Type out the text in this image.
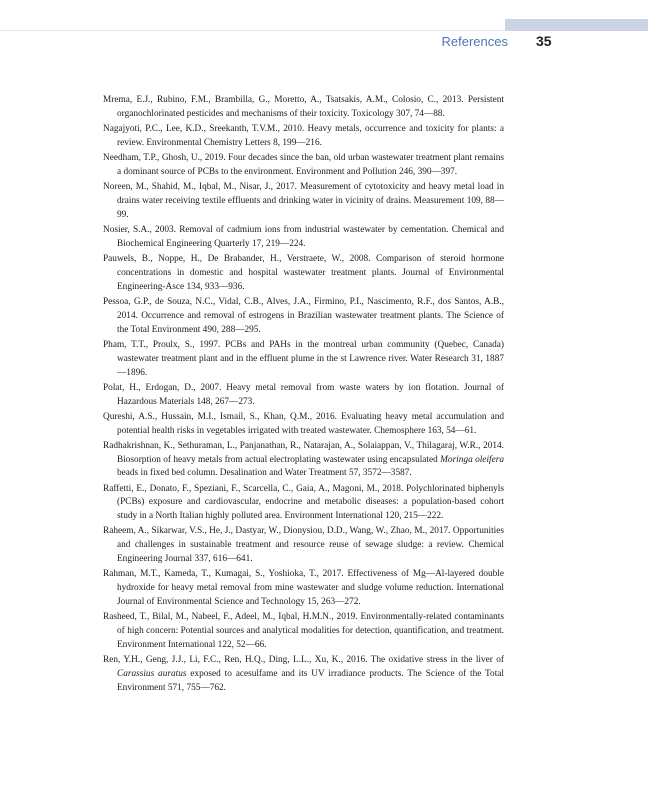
References 35
Mrema, E.J., Rubino, F.M., Brambilla, G., Moretto, A., Tsatsakis, A.M., Colosio, C., 2013. Persistent organochlorinated pesticides and mechanisms of their toxicity. Toxicology 307, 74—88.
Nagajyoti, P.C., Lee, K.D., Sreekanth, T.V.M., 2010. Heavy metals, occurrence and toxicity for plants: a review. Environmental Chemistry Letters 8, 199—216.
Needham, T.P., Ghosh, U., 2019. Four decades since the ban, old urban wastewater treatment plant remains a dominant source of PCBs to the environment. Environment and Pollution 246, 390—397.
Noreen, M., Shahid, M., Iqbal, M., Nisar, J., 2017. Measurement of cytotoxicity and heavy metal load in drains water receiving textile effluents and drinking water in vicinity of drains. Measurement 109, 88—99.
Nosier, S.A., 2003. Removal of cadmium ions from industrial wastewater by cementation. Chemical and Biochemical Engineering Quarterly 17, 219—224.
Pauwels, B., Noppe, H., De Brabander, H., Verstraete, W., 2008. Comparison of steroid hormone concentrations in domestic and hospital wastewater treatment plants. Journal of Environmental Engineering-Asce 134, 933—936.
Pessoa, G.P., de Souza, N.C., Vidal, C.B., Alves, J.A., Firmino, P.I., Nascimento, R.F., dos Santos, A.B., 2014. Occurrence and removal of estrogens in Brazilian wastewater treatment plants. The Science of the Total Environment 490, 288—295.
Pham, T.T., Proulx, S., 1997. PCBs and PAHs in the montreal urban community (Quebec, Canada) wastewater treatment plant and in the effluent plume in the st Lawrence river. Water Research 31, 1887—1896.
Polat, H., Erdogan, D., 2007. Heavy metal removal from waste waters by ion flotation. Journal of Hazardous Materials 148, 267—273.
Qureshi, A.S., Hussain, M.I., Ismail, S., Khan, Q.M., 2016. Evaluating heavy metal accumulation and potential health risks in vegetables irrigated with treated wastewater. Chemosphere 163, 54—61.
Radhakrishnan, K., Sethuraman, L., Panjanathan, R., Natarajan, A., Solaiappan, V., Thilagaraj, W.R., 2014. Biosorption of heavy metals from actual electroplating wastewater using encapsulated Moringa oleifera beads in fixed bed column. Desalination and Water Treatment 57, 3572—3587.
Raffetti, E., Donato, F., Speziani, F., Scarcella, C., Gaia, A., Magoni, M., 2018. Polychlorinated biphenyls (PCBs) exposure and cardiovascular, endocrine and metabolic diseases: a population-based cohort study in a North Italian highly polluted area. Environment International 120, 215—222.
Raheem, A., Sikarwar, V.S., He, J., Dastyar, W., Dionysiou, D.D., Wang, W., Zhao, M., 2017. Opportunities and challenges in sustainable treatment and resource reuse of sewage sludge: a review. Chemical Engineering Journal 337, 616—641.
Rahman, M.T., Kameda, T., Kumagai, S., Yoshioka, T., 2017. Effectiveness of Mg—Al-layered double hydroxide for heavy metal removal from mine wastewater and sludge volume reduction. International Journal of Environmental Science and Technology 15, 263—272.
Rasheed, T., Bilal, M., Nabeel, F., Adeel, M., Iqbal, H.M.N., 2019. Environmentally-related contaminants of high concern: Potential sources and analytical modalities for detection, quantification, and treatment. Environment International 122, 52—66.
Ren, Y.H., Geng, J.J., Li, F.C., Ren, H.Q., Ding, L.L., Xu, K., 2016. The oxidative stress in the liver of Carassius auratus exposed to acesulfame and its UV irradiance products. The Science of the Total Environment 571, 755—762.
